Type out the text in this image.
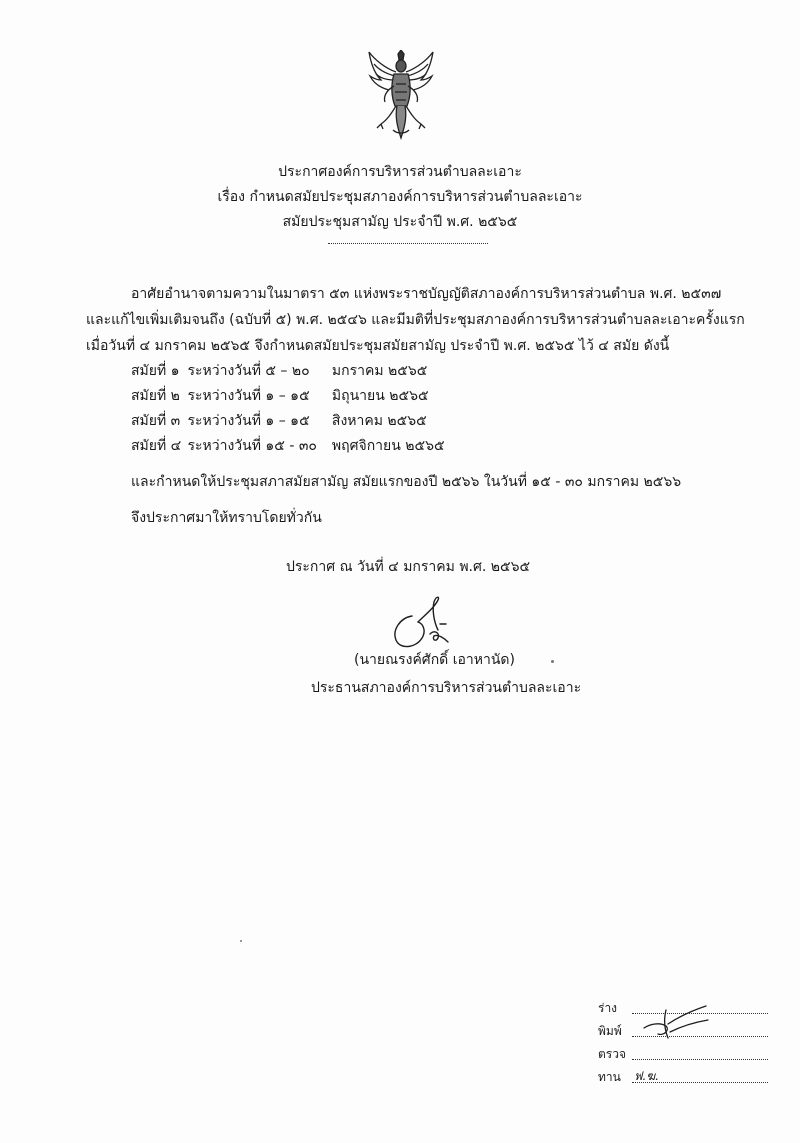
ประกาศองค์การบริหารส่วนตำบลละเอาะ
เรื่อง กำหนดสมัยประชุมสภาองค์การบริหารส่วนตำบลละเอาะ
สมัยประชุมสามัญ ประจำปี พ.ศ. ๒๕๖๕
อาศัยอำนาจตามความในมาตรา ๕๓ แห่งพระราชบัญญัติสภาองค์การบริหารส่วนตำบล พ.ศ. ๒๕๓๗
และแก้ไขเพิ่มเติมจนถึง (ฉบับที่ ๕) พ.ศ. ๒๕๔๖ และมีมติที่ประชุมสภาองค์การบริหารส่วนตำบลละเอาะครั้งแรก
เมื่อวันที่ ๔ มกราคม ๒๕๖๕ จึงกำหนดสมัยประชุมสมัยสามัญ ประจำปี พ.ศ. ๒๕๖๕ ไว้ ๔ สมัย ดังนี้
สมัยที่ ๑ ระหว่างวันที่ ๕ – ๒๐ มกราคม ๒๕๖๕
สมัยที่ ๒ ระหว่างวันที่ ๑ – ๑๕ มิถุนายน ๒๕๖๕
สมัยที่ ๓ ระหว่างวันที่ ๑ – ๑๕ สิงหาคม ๒๕๖๕
สมัยที่ ๔ ระหว่างวันที่ ๑๕ - ๓๐ พฤศจิกายน ๒๕๖๕
และกำหนดให้ประชุมสภาสมัยสามัญ สมัยแรกของปี ๒๕๖๖ ในวันที่ ๑๕ - ๓๐ มกราคม ๒๕๖๖
จึงประกาศมาให้ทราบโดยทั่วกัน
ประกาศ ณ วันที่ ๔ มกราคม พ.ศ. ๒๕๖๕
(นายณรงค์ศักดิ์ เอาหานัด)
ประธานสภาองค์การบริหารส่วนตำบลละเอาะ
ร่าง
พิมพ์
ตรวจ
ทาน ฟ.ฆ.
